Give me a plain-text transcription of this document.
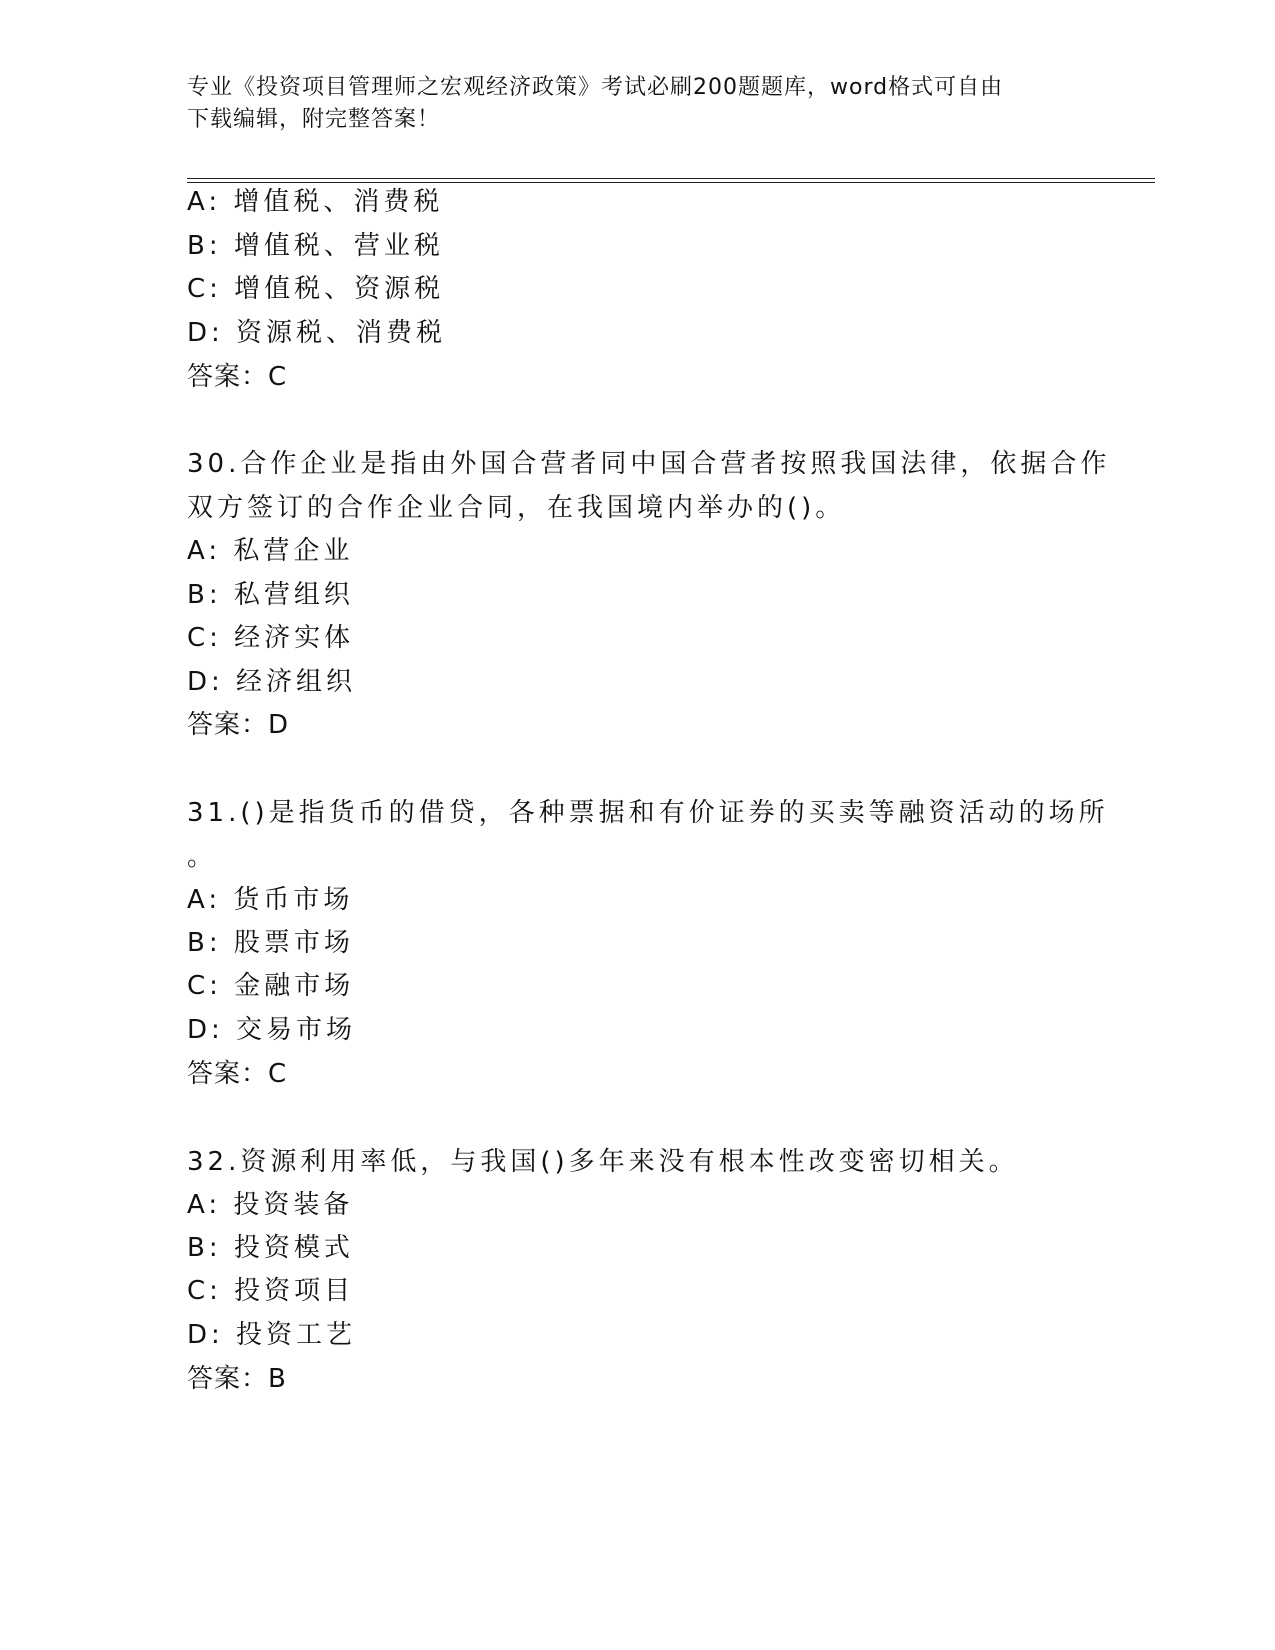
专业《投资项目管理师之宏观经济政策》考试必刷200题题库，word格式可自由
下载编辑，附完整答案！
A: 增值税、消费税
B: 增值税、营业税
C: 增值税、资源税
D: 资源税、消费税
答案：C
30.合作企业是指由外国合营者同中国合营者按照我国法律，依据合作
双方签订的合作企业合同，在我国境内举办的()。
A: 私营企业
B: 私营组织
C: 经济实体
D: 经济组织
答案：D
31.()是指货币的借贷，各种票据和有价证券的买卖等融资活动的场所
。
A: 货币市场
B: 股票市场
C: 金融市场
D: 交易市场
答案：C
32.资源利用率低，与我国()多年来没有根本性改变密切相关。
A: 投资装备
B: 投资模式
C: 投资项目
D: 投资工艺
答案：B
